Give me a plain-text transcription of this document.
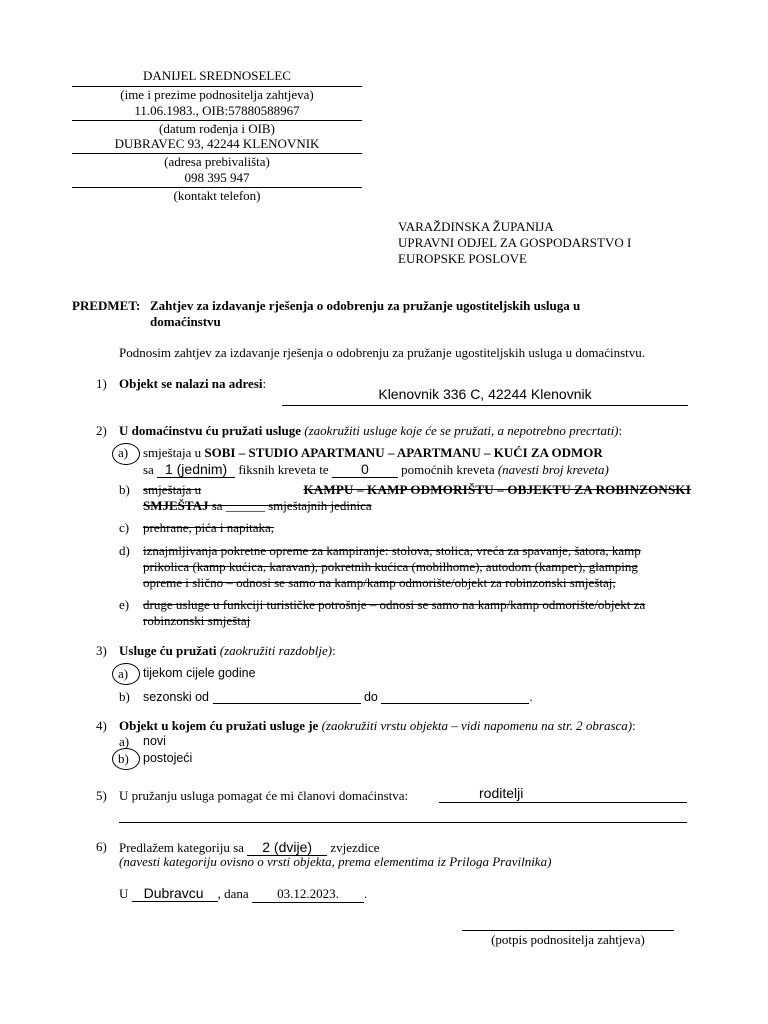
DANIJEL SREDNOSELEC
(ime i prezime podnositelja zahtjeva)
11.06.1983., OIB:57880588967
(datum rođenja i OIB)
DUBRAVEC 93, 42244 KLENOVNIK
(adresa prebivališta)
098 395 947
(kontakt telefon)
VARAŽDINSKA ŽUPANIJA
UPRAVNI ODJEL ZA GOSPODARSTVO I
EUROPSKE POSLOVE
PREDMET: Zahtjev za izdavanje rješenja o odobrenju za pružanje ugostiteljskih usluga u
domaćinstvu
Podnosim zahtjev za izdavanje rješenja o odobrenju za pružanje ugostiteljskih usluga u domaćinstvu.
1) Objekt se nalazi na adresi:
Klenovnik 336 C, 42244 Klenovnik
2) U domaćinstvu ću pružati usluge (zaokružiti usluge koje će se pružati, a nepotrebno precrtati):
a) smještaja u SOBI – STUDIO APARTMANU – APARTMANU – KUĆI ZA ODMOR
sa 1 (jednim) fiksnih kreveta te 0 pomoćnih kreveta (navesti broj kreveta)
b) smještaja u	KAMPU – KAMP ODMORIŠTU – OBJEKTU ZA ROBINZONSKI
SMJEŠTAJ sa ______ smještajnih jedinica
c) prehrane, pića i napitaka,
d) iznajmljivanja pokretne opreme za kampiranje: stolova, stolica, vreća za spavanje, šatora, kamp
prikolica (kamp kućica, karavan), pokretnih kućica (mobilhome), autodom (kamper), glamping
opreme i slično – odnosi se samo na kamp/kamp odmorište/objekt za robinzonski smještaj,
e) druge usluge u funkciji turističke potrošnje – odnosi se samo na kamp/kamp odmorište/objekt za
robinzonski smještaj
3) Usluge ću pružati (zaokružiti razdoblje):
a) tijekom cijele godine
b) sezonski od	do	.
4) Objekt u kojem ću pružati usluge je (zaokružiti vrstu objekta – vidi napomenu na str. 2 obrasca):
a) novi
b) postojeći
5) U pružanju usluga pomagat će mi članovi domaćinstva:	roditelji
6) Predlažem kategoriju sa 2 (dvije) zvjezdice
(navesti kategoriju ovisno o vrsti objekta, prema elementima iz Priloga Pravilnika)
U Dubravcu , dana 03.12.2023. .
(potpis podnositelja zahtjeva)
